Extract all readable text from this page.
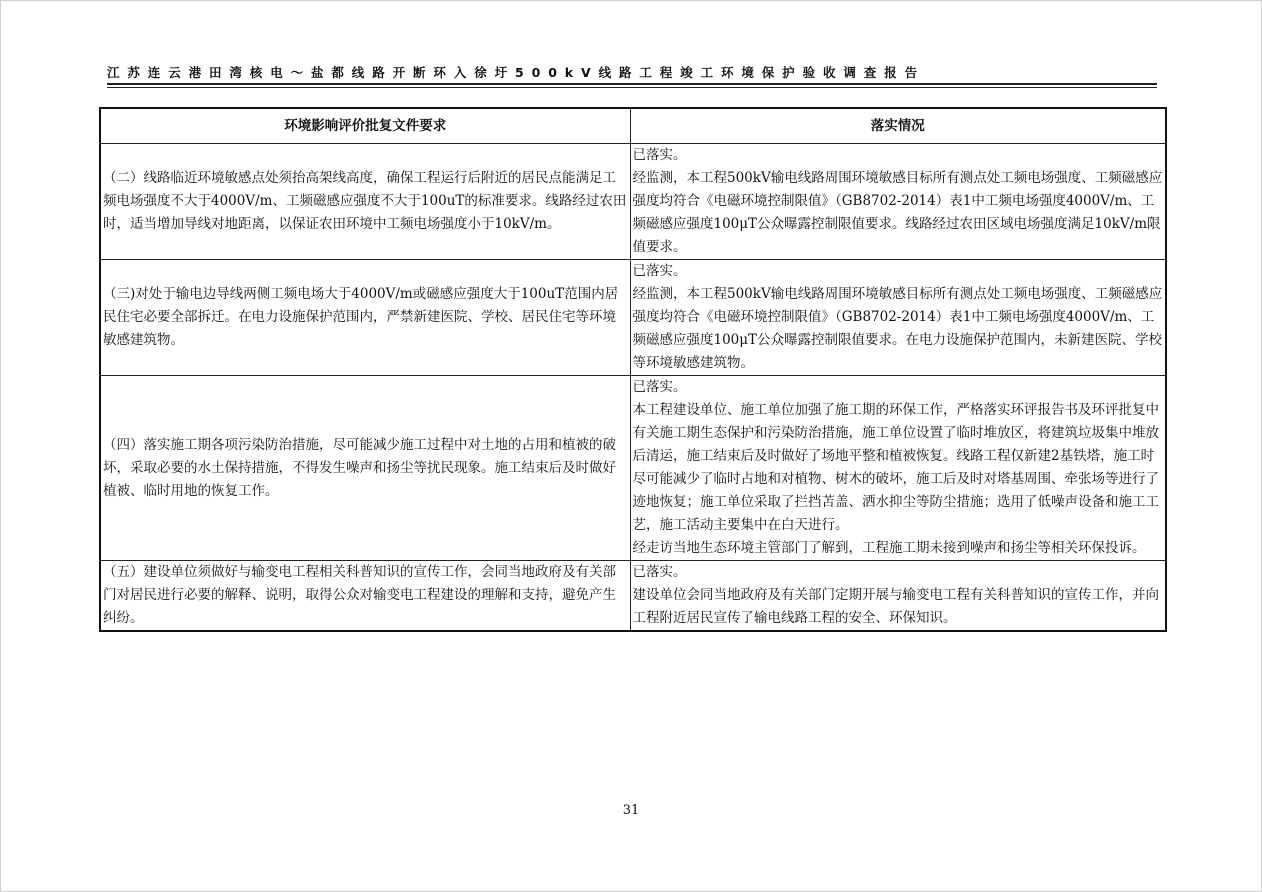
江苏连云港田湾核电～盐都线路开断环入徐圩500kV线路工程竣工环境保护验收调查报告
环境影响评价批复文件要求	落实情况

（二）线路临近环境敏感点处须抬高架线高度，确保工程运行后附近的居民点能满足工频电场强度不大于4000V/m、工频磁感应强度不大于100uT的标准要求。线路经过农田时，适当增加导线对地距离，以保证农田环境中工频电场强度小于10kV/m。	已落实。

经监测，本工程500kV输电线路周围环境敏感目标所有测点处工频电场强度、工频磁感应强度均符合《电磁环境控制限值》（GB8702-2014）表1中工频电场强度4000V/m、工频磁感应强度100μT公众曝露控制限值要求。线路经过农田区域电场强度满足10kV/m限值要求。

（三)对处于输电边导线两侧工频电场大于4000V/m或磁感应强度大于100uT范围内居民住宅必要全部拆迁。在电力设施保护范围内，严禁新建医院、学校、居民住宅等环境敏感建筑物。	已落实。

经监测，本工程500kV输电线路周围环境敏感目标所有测点处工频电场强度、工频磁感应强度均符合《电磁环境控制限值》（GB8702-2014）表1中工频电场强度4000V/m、工频磁感应强度100μT公众曝露控制限值要求。在电力设施保护范围内，未新建医院、学校等环境敏感建筑物。

（四）落实施工期各项污染防治措施，尽可能减少施工过程中对土地的占用和植被的破坏，采取必要的水土保持措施，不得发生噪声和扬尘等扰民现象。施工结束后及时做好植被、临时用地的恢复工作。	已落实。

本工程建设单位、施工单位加强了施工期的环保工作，严格落实环评报告书及环评批复中有关施工期生态保护和污染防治措施，施工单位设置了临时堆放区，将建筑垃圾集中堆放后清运，施工结束后及时做好了场地平整和植被恢复。线路工程仅新建2基铁塔，施工时尽可能减少了临时占地和对植物、树木的破坏，施工后及时对塔基周围、牵张场等进行了迹地恢复；施工单位采取了拦挡苫盖、洒水抑尘等防尘措施；选用了低噪声设备和施工工艺，施工活动主要集中在白天进行。

经走访当地生态环境主管部门了解到，工程施工期未接到噪声和扬尘等相关环保投诉。

（五）建设单位须做好与输变电工程相关科普知识的宣传工作，会同当地政府及有关部门对居民进行必要的解释、说明，取得公众对输变电工程建设的理解和支持，避免产生纠纷。	已落实。

建设单位会同当地政府及有关部门定期开展与输变电工程有关科普知识的宣传工作，并向工程附近居民宣传了输电线路工程的安全、环保知识。

31
